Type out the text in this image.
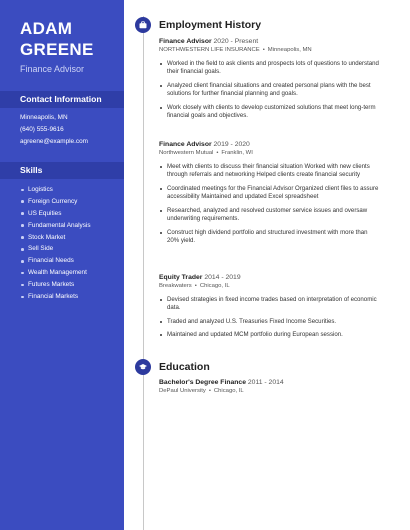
ADAM
GREENE
Finance Advisor
Contact Information
Minneapolis, MN
(640) 555-9616
agreene@example.com
Skills
Logistics
Foreign Currency
US Equities
Fundamental Analysis
Stock Market
Sell Side
Financial Needs
Wealth Management
Futures Markets
Financial Markets
Employment History
Finance Advisor 2020 - Present
NORTHWESTERN LIFE INSURANCE • Minneapolis, MN
Worked in the field to ask clients and prospects lots of questions to understand their financial goals.
Analyzed client financial situations and created personal plans with the best solutions for further financial planning and goals.
Work closely with clients to develop customized solutions that meet long-term financial goals and objectives.
Finance Advisor 2019 - 2020
Northwestern Mutual • Franklin, WI
Meet with clients to discuss their financial situation Worked with new clients through referrals and networking Helped clients create financial security
Coordinated meetings for the Financial Advisor Organized client files to assure accessibility Maintained and updated Excel spreadsheet
Researched, analyzed and resolved customer service issues and oversaw underwriting requirements.
Construct high dividend portfolio and structured investment with more than 20% yield.
Equity Trader 2014 - 2019
Breakwaters • Chicago, IL
Devised strategies in fixed income trades based on interpretation of economic data.
Traded and analyzed U.S. Treasuries Fixed Income Securities.
Maintained and updated MCM portfolio during European session.
Education
Bachelor's Degree Finance 2011 - 2014
DePaul University • Chicago, IL
